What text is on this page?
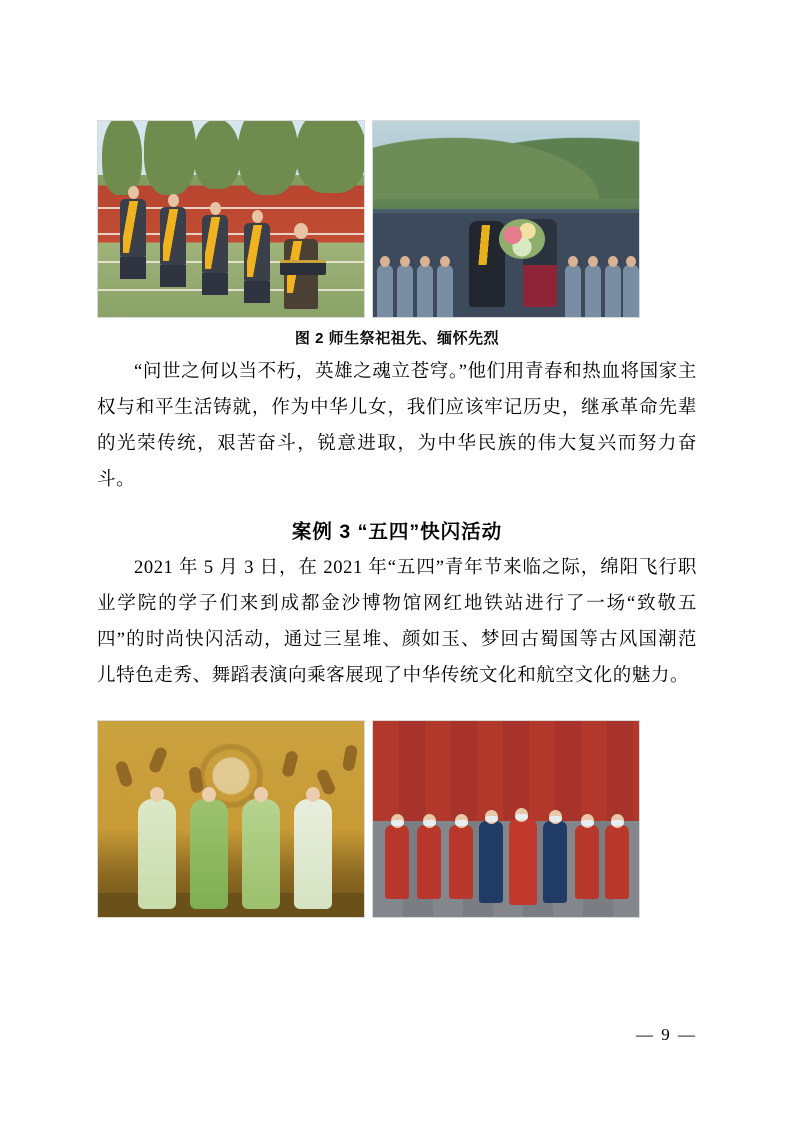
图 2 师生祭祀祖先、缅怀先烈

“问世之何以当不朽，英雄之魂立苍穹。”他们用青春和热血将国家主权与和平生活铸就，作为中华儿女，我们应该牢记历史，继承革命先辈的光荣传统，艰苦奋斗，锐意进取，为中华民族的伟大复兴而努力奋斗。

案例 3 “五四”快闪活动

2021 年 5 月 3 日，在 2021 年“五四”青年节来临之际，绵阳飞行职业学院的学子们来到成都金沙博物馆网红地铁站进行了一场“致敬五四”的时尚快闪活动，通过三星堆、颜如玉、梦回古蜀国等古风国潮范儿特色走秀、舞蹈表演向乘客展现了中华传统文化和航空文化的魅力。

— 9 —
